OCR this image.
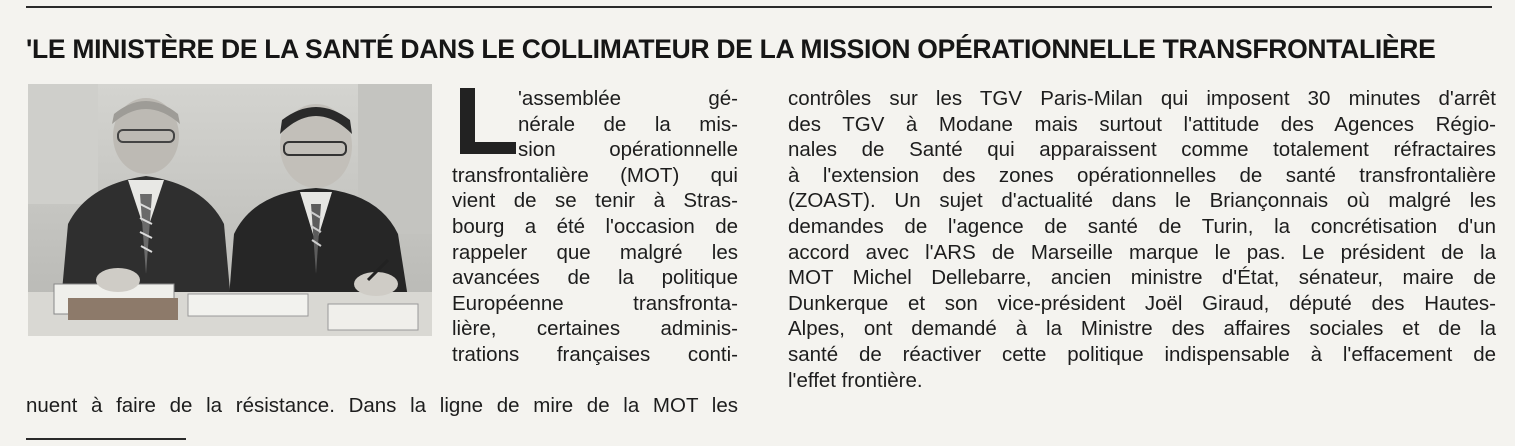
'LE MINISTÈRE DE LA SANTÉ DANS LE COLLIMATEUR DE LA MISSION OPÉRATIONNELLE TRANSFRONTALIÈRE
'assemblée gé-
nérale de la mis-
sion opérationnelle
transfrontalière (MOT) qui
vient de se tenir à Stras-
bourg a été l'occasion de
rappeler que malgré les
avancées de la politique
Européenne transfronta-
lière, certaines adminis-
trations françaises conti-
nuent à faire de la résistance. Dans la ligne de mire de la MOT les
contrôles sur les TGV Paris-Milan qui imposent 30 minutes d'arrêt
des TGV à Modane mais surtout l'attitude des Agences Régio-
nales de Santé qui apparaissent comme totalement réfractaires
à l'extension des zones opérationnelles de santé transfrontalière
(ZOAST). Un sujet d'actualité dans le Briançonnais où malgré les
demandes de l'agence de santé de Turin, la concrétisation d'un
accord avec l'ARS de Marseille marque le pas. Le président de la
MOT Michel Dellebarre, ancien ministre d'État, sénateur, maire de
Dunkerque et son vice-président Joël Giraud, député des Hautes-
Alpes, ont demandé à la Ministre des affaires sociales et de la
santé de réactiver cette politique indispensable à l'effacement de
l'effet frontière.
